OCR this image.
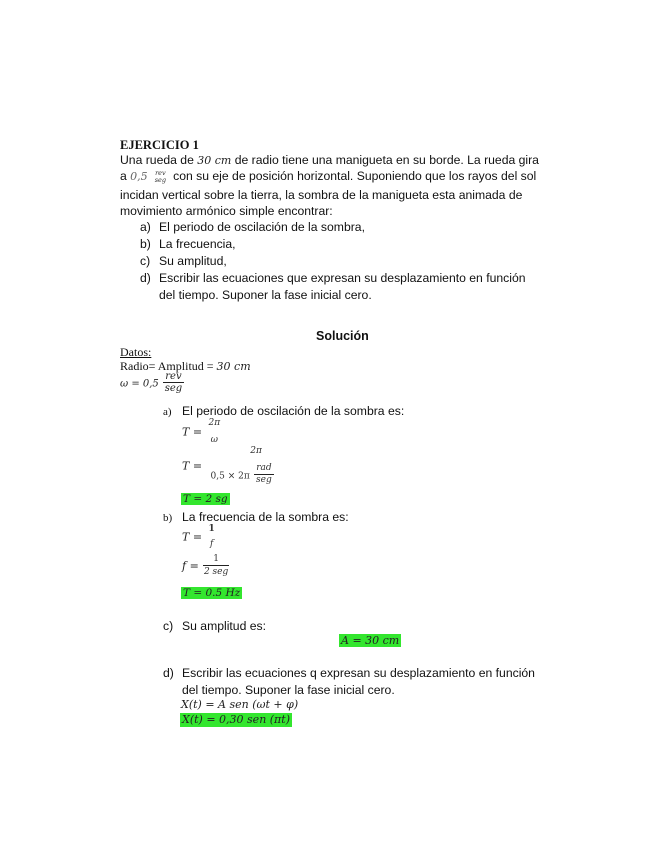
EJERCICIO 1
Una rueda de 30 cm de radio tiene una manigueta en su borde. La rueda gira
a 0,5	rev
seg con su eje de posición horizontal. Suponiendo que los rayos del sol
incidan vertical sobre la tierra, la sombra de la manigueta esta animada de
movimiento armónico simple encontrar:
a) El periodo de oscilación de la sombra,
b) La frecuencia,
c) Su amplitud,
d) Escribir las ecuaciones que expresan su desplazamiento en función
del tiempo. Suponer la fase inicial cero.
Solución
Datos:
Radio= Amplitud = 30 cm
$\omega = 0,5 \frac{\text{rev}}{\text{seg}}$
a) El periodo de oscilación de la sombra es:
T =
2π
ω
T =
2π
$0,5 \times 2\pi \frac{\text{rad}}{\text{seg}}$
T = 2 sg
b) La frecuencia de la sombra es:
T =
1
f
$f = \frac{1}{\text{2 seg}}$
T = 0.5 Hz
c) Su amplitud es:
A = 30 cm
d) Escribir las ecuaciones q expresan su desplazamiento en función
del tiempo. Suponer la fase inicial cero.
X(t) = A sen (ωt + φ)
X(t) = 0,30 sen (πt)
